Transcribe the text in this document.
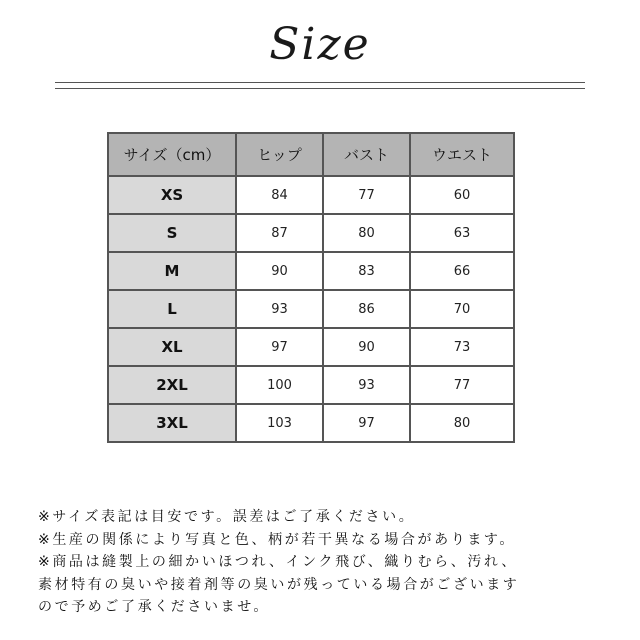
Size
サイズ（cm）	ヒップ	バスト	ウエスト
XS	84	77	60
S	87	80	63
M	90	83	66
L	93	86	70
XL	97	90	73
2XL	100	93	77
3XL	103	97	80
※サイズ表記は目安です。誤差はご了承ください。
※生産の関係により写真と色、柄が若干異なる場合があります。
※商品は縫製上の細かいほつれ、インク飛び、織りむら、汚れ、
素材特有の臭いや接着剤等の臭いが残っている場合がございます
ので予めご了承くださいませ。
